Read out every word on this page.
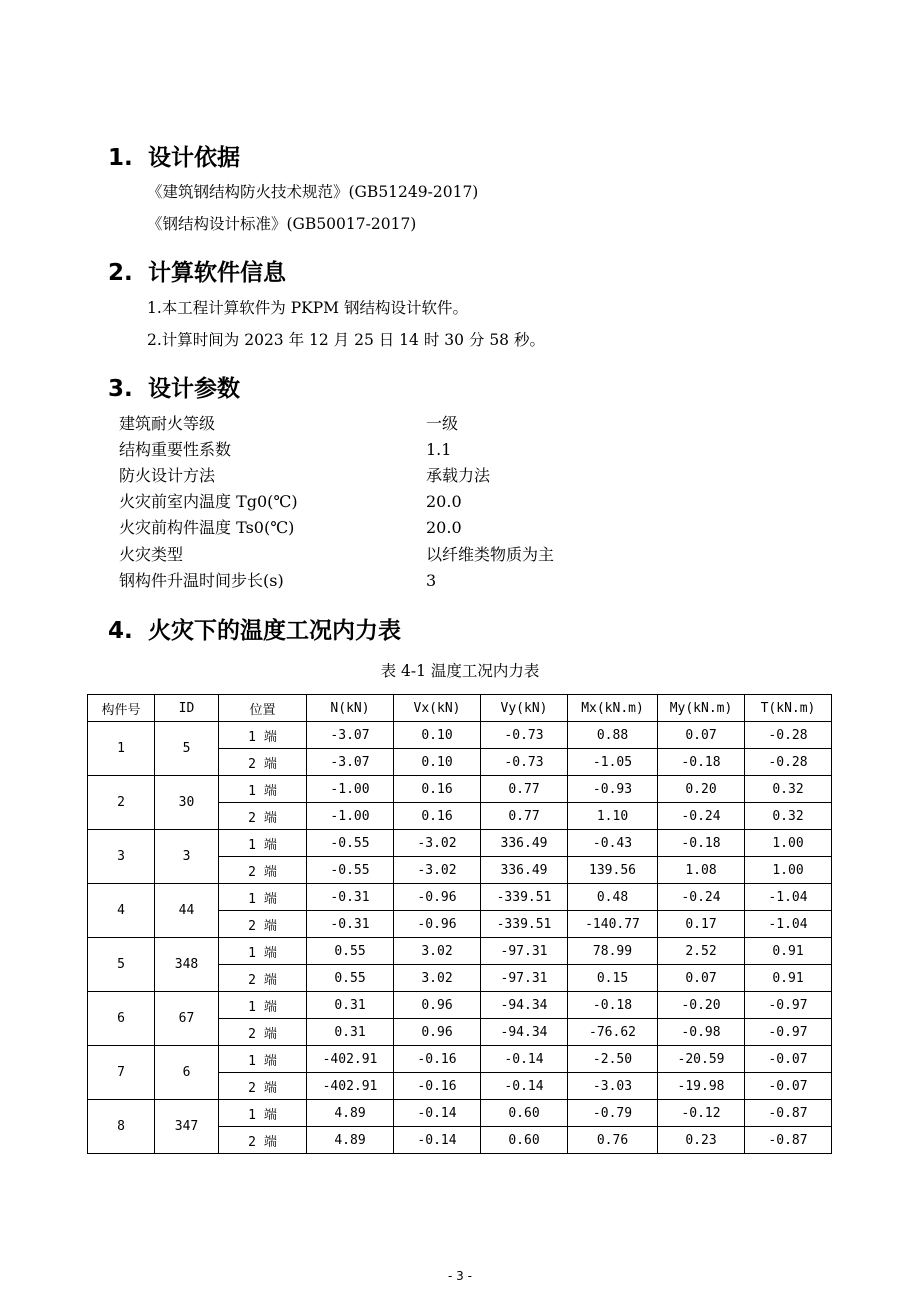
1. 设计依据
《建筑钢结构防火技术规范》(GB51249-2017)
《钢结构设计标准》(GB50017-2017)
2. 计算软件信息
1.本工程计算软件为 PKPM 钢结构设计软件。
2.计算时间为 2023 年 12 月 25 日 14 时 30 分 58 秒。
3. 设计参数
建筑耐火等级	一级
结构重要性系数	1.1
防火设计方法	承载力法
火灾前室内温度 Tg0(℃)	20.0
火灾前构件温度 Ts0(℃)	20.0
火灾类型	以纤维类物质为主
钢构件升温时间步长(s)	3
4. 火灾下的温度工况内力表
表 4-1 温度工况内力表
构件号	ID	位置	N(kN)	Vx(kN)	Vy(kN)	Mx(kN.m)	My(kN.m)	T(kN.m)
1	5	1 端	-3.07	0.10	-0.73	0.88	0.07	-0.28
		2 端	-3.07	0.10	-0.73	-1.05	-0.18	-0.28
2	30	1 端	-1.00	0.16	0.77	-0.93	0.20	0.32
		2 端	-1.00	0.16	0.77	1.10	-0.24	0.32
3	3	1 端	-0.55	-3.02	336.49	-0.43	-0.18	1.00
		2 端	-0.55	-3.02	336.49	139.56	1.08	1.00
4	44	1 端	-0.31	-0.96	-339.51	0.48	-0.24	-1.04
		2 端	-0.31	-0.96	-339.51	-140.77	0.17	-1.04
5	348	1 端	0.55	3.02	-97.31	78.99	2.52	0.91
		2 端	0.55	3.02	-97.31	0.15	0.07	0.91
6	67	1 端	0.31	0.96	-94.34	-0.18	-0.20	-0.97
		2 端	0.31	0.96	-94.34	-76.62	-0.98	-0.97
7	6	1 端	-402.91	-0.16	-0.14	-2.50	-20.59	-0.07
		2 端	-402.91	-0.16	-0.14	-3.03	-19.98	-0.07
8	347	1 端	4.89	-0.14	0.60	-0.79	-0.12	-0.87
		2 端	4.89	-0.14	0.60	0.76	0.23	-0.87
- 3 -
